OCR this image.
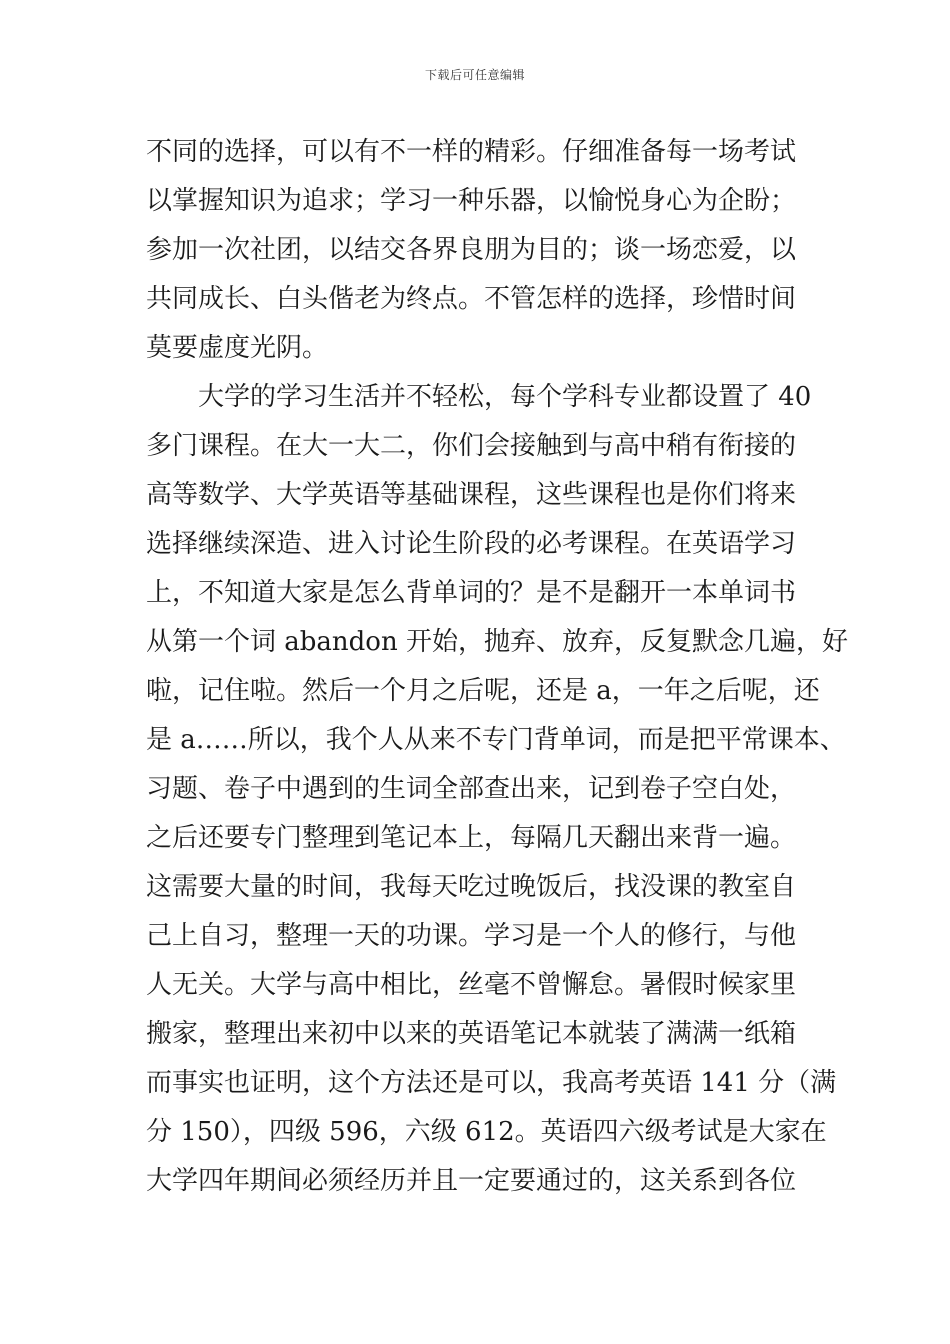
下载后可任意编辑
不同的选择，可以有不一样的精彩。仔细准备每一场考试
以掌握知识为追求；学习一种乐器，以愉悦身心为企盼；
参加一次社团，以结交各界良朋为目的；谈一场恋爱，以
共同成长、白头偕老为终点。不管怎样的选择，珍惜时间
莫要虚度光阴。
大学的学习生活并不轻松，每个学科专业都设置了 40
多门课程。在大一大二，你们会接触到与高中稍有衔接的
高等数学、大学英语等基础课程，这些课程也是你们将来
选择继续深造、进入讨论生阶段的必考课程。在英语学习
上，不知道大家是怎么背单词的？是不是翻开一本单词书
从第一个词 abandon 开始，抛弃、放弃，反复默念几遍，好
啦，记住啦。然后一个月之后呢，还是 a，一年之后呢，还
是 a……所以，我个人从来不专门背单词，而是把平常课本、
习题、卷子中遇到的生词全部查出来，记到卷子空白处，
之后还要专门整理到笔记本上，每隔几天翻出来背一遍。
这需要大量的时间，我每天吃过晚饭后，找没课的教室自
己上自习，整理一天的功课。学习是一个人的修行，与他
人无关。大学与高中相比，丝毫不曾懈怠。暑假时候家里
搬家，整理出来初中以来的英语笔记本就装了满满一纸箱
而事实也证明，这个方法还是可以，我高考英语 141 分（满
分 150），四级 596，六级 612。英语四六级考试是大家在
大学四年期间必须经历并且一定要通过的，这关系到各位
